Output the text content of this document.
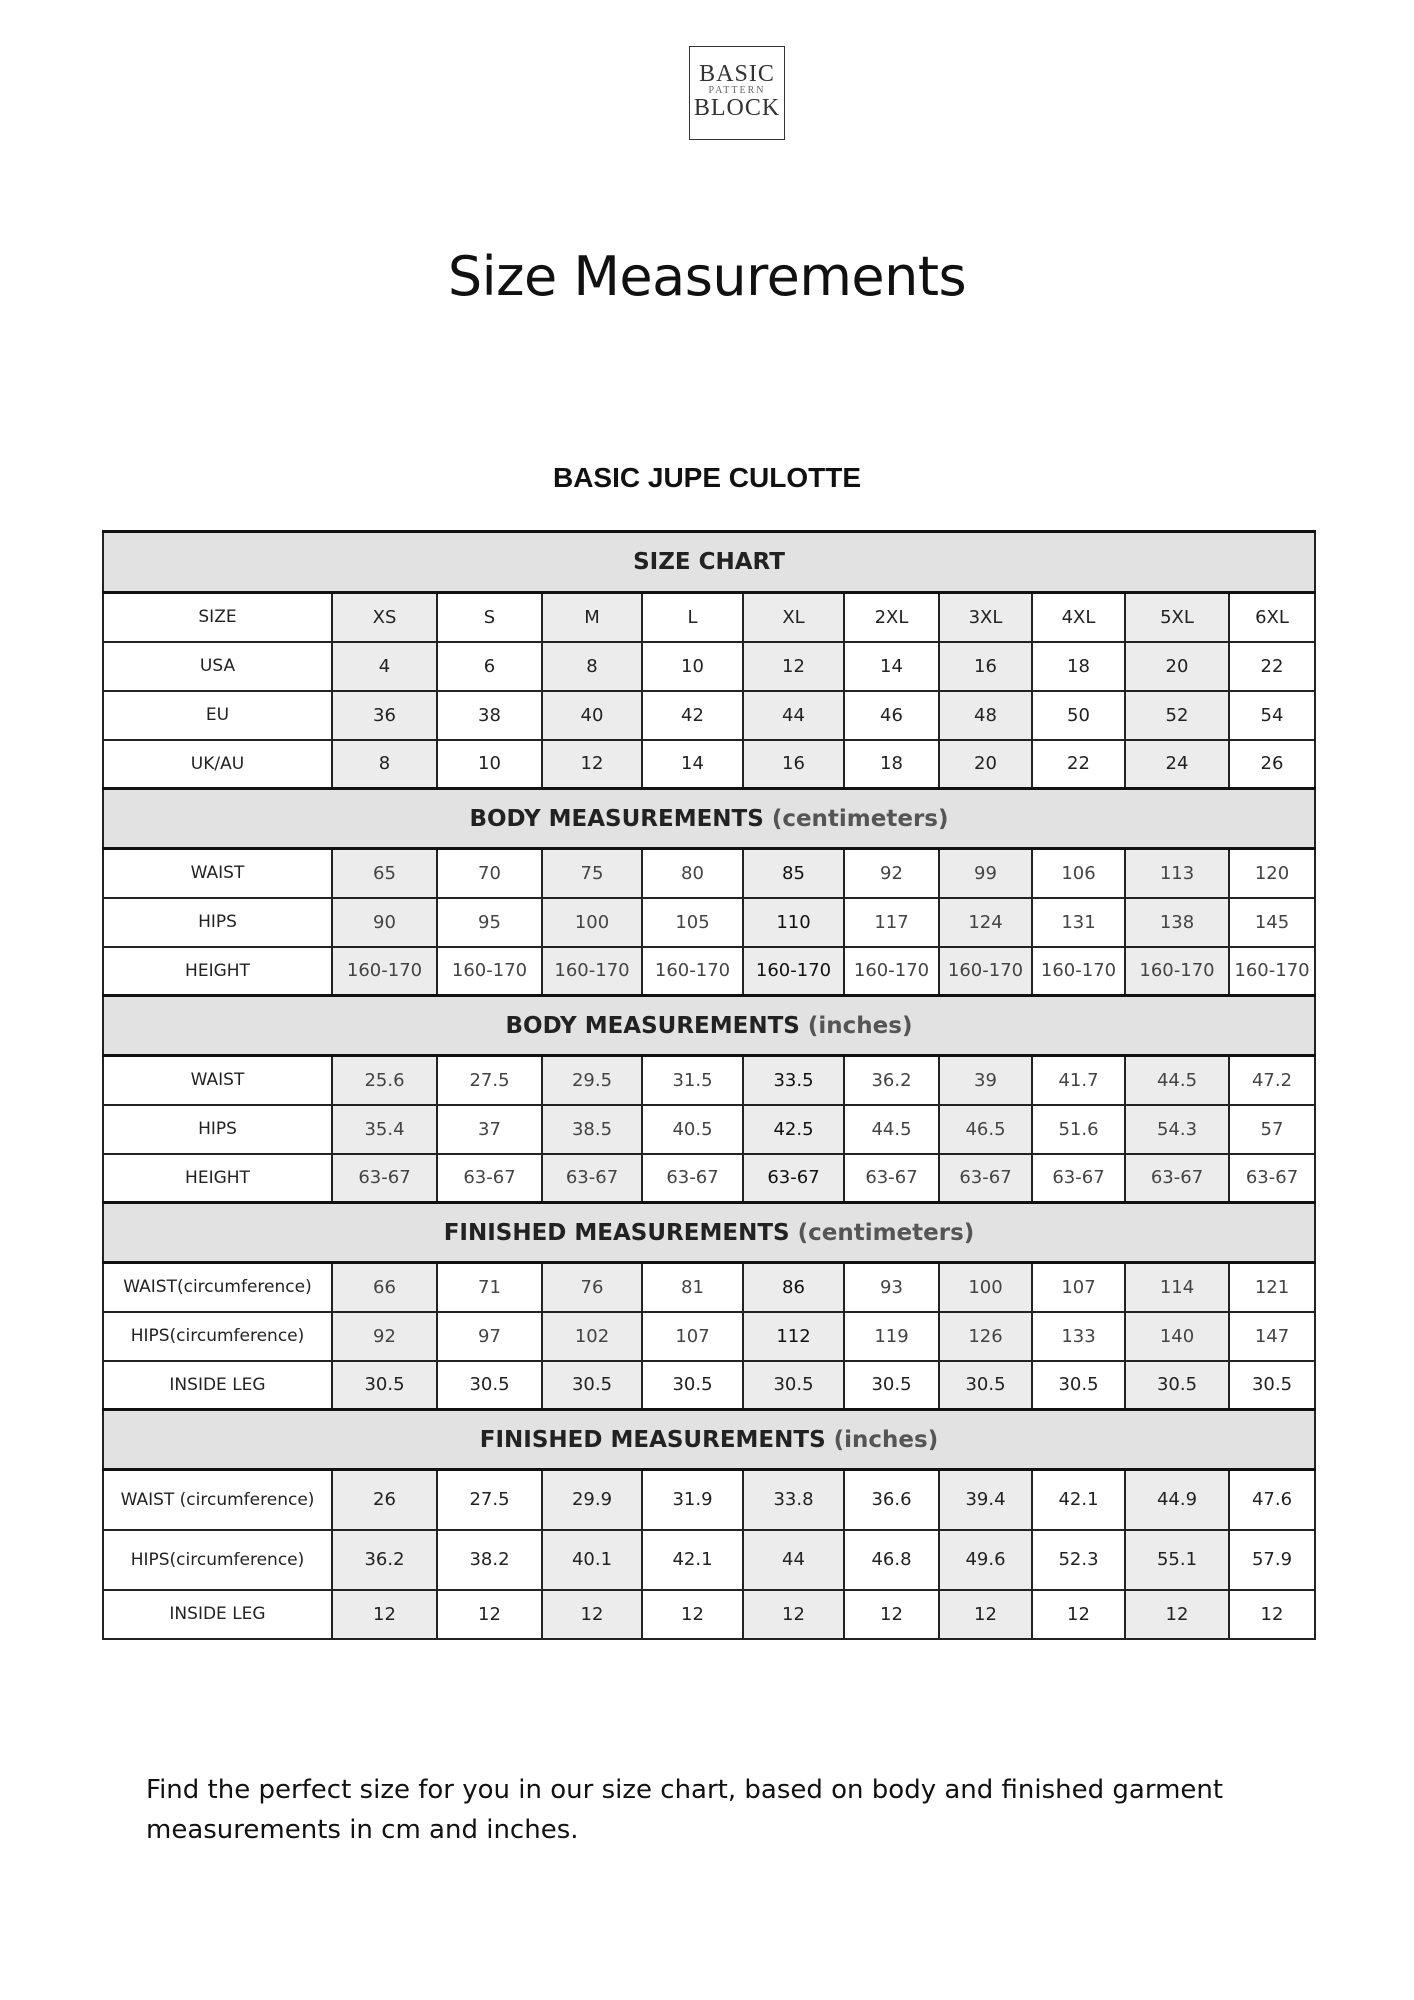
BASIC
PATTERN
BLOCK
Size Measurements
BASIC JUPE CULOTTE
SIZE CHART										
SIZE	XS	S	M	L	XL	2XL	3XL	4XL	5XL	6XL
USA	4	6	8	10	12	14	16	18	20	22
EU	36	38	40	42	44	46	48	50	52	54
UK/AU	8	10	12	14	16	18	20	22	24	26
BODY MEASUREMENTS (centimeters)										
WAIST	65	70	75	80	85	92	99	106	113	120
HIPS	90	95	100	105	110	117	124	131	138	145
HEIGHT	160-170	160-170	160-170	160-170	160-170	160-170	160-170	160-170	160-170	160-170
BODY MEASUREMENTS (inches)										
WAIST	25.6	27.5	29.5	31.5	33.5	36.2	39	41.7	44.5	47.2
HIPS	35.4	37	38.5	40.5	42.5	44.5	46.5	51.6	54.3	57
HEIGHT	63-67	63-67	63-67	63-67	63-67	63-67	63-67	63-67	63-67	63-67
FINISHED MEASUREMENTS (centimeters)										
WAIST(circumference)	66	71	76	81	86	93	100	107	114	121
HIPS(circumference)	92	97	102	107	112	119	126	133	140	147
INSIDE LEG	30.5	30.5	30.5	30.5	30.5	30.5	30.5	30.5	30.5	30.5
FINISHED MEASUREMENTS (inches)										
WAIST (circumference)	26	27.5	29.9	31.9	33.8	36.6	39.4	42.1	44.9	47.6
HIPS(circumference)	36.2	38.2	40.1	42.1	44	46.8	49.6	52.3	55.1	57.9
INSIDE LEG	12	12	12	12	12	12	12	12	12	12

Find the perfect size for you in our size chart, based on body and finished garment measurements in cm and inches.
